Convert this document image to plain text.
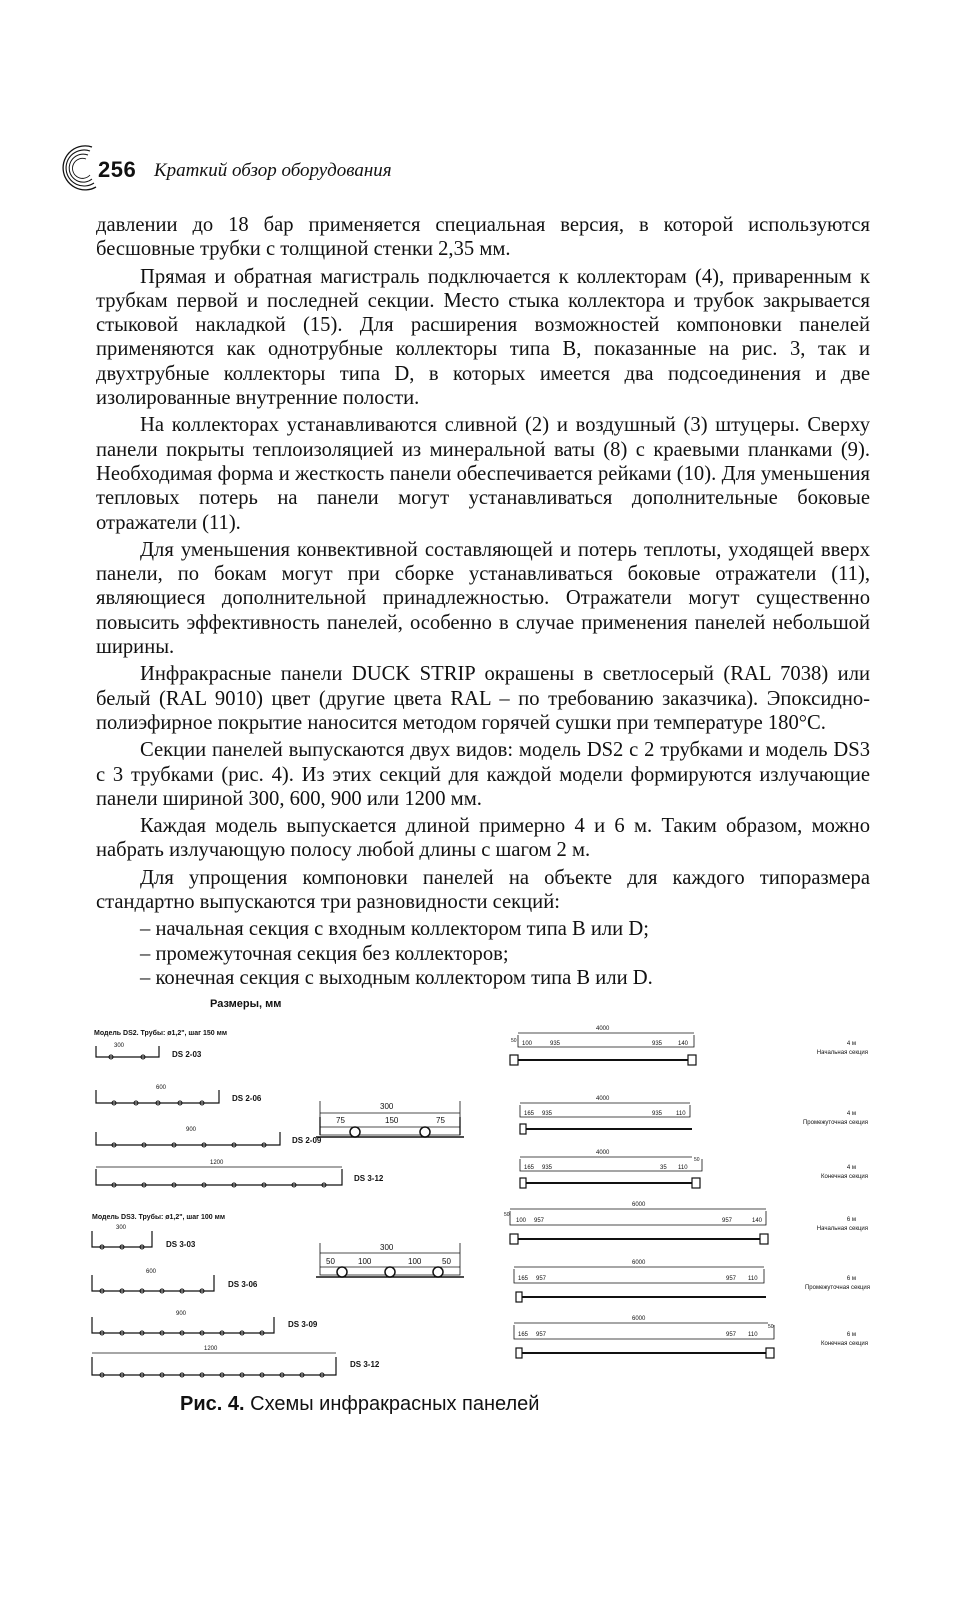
256 Краткий обзор оборудования

давлении до 18 бар применяется специальная версия, в которой используются бесшовные трубки с толщиной стенки 2,35 мм.

Прямая и обратная магистраль подключается к коллекторам (4), приваренным к трубкам первой и последней секции. Место стыка коллектора и трубок закрывается стыковой накладкой (15). Для расширения возможностей компоновки панелей применяются как однотрубные коллекторы типа B, показанные на рис. 3, так и двухтрубные коллекторы типа D, в которых имеется два подсоединения и две изолированные внутренние полости.

На коллекторах устанавливаются сливной (2) и воздушный (3) штуцеры. Сверху панели покрыты теплоизоляцией из минеральной ваты (8) с краевыми планками (9). Необходимая форма и жесткость панели обеспечивается рейками (10). Для уменьшения тепловых потерь на панели могут устанавливаться дополнительные боковые отражатели (11).

Для уменьшения конвективной составляющей и потерь теплоты, уходящей вверх панели, по бокам могут при сборке устанавливаться боковые отражатели (11), являющиеся дополнительной принадлежностью. Отражатели могут существенно повысить эффективность панелей, особенно в случае применения панелей небольшой ширины.

Инфракрасные панели DUCK STRIP окрашены в светлосерый (RAL 7038) или белый (RAL 9010) цвет (другие цвета RAL – по требованию заказчика). Эпоксидно-полиэфирное покрытие наносится методом горячей сушки при температуре 180°C.

Секции панелей выпускаются двух видов: модель DS2 с 2 трубками и модель DS3 с 3 трубками (рис. 4). Из этих секций для каждой модели формируются излучающие панели шириной 300, 600, 900 или 1200 мм.

Каждая модель выпускается длиной примерно 4 и 6 м. Таким образом, можно набрать излучающую полосу любой длины с шагом 2 м.

Для упрощения компоновки панелей на объекте для каждого типоразмера стандартно выпускаются три разновидности секций:

– начальная секция с входным коллектором типа B или D;
– промежуточная секция без коллекторов;
– конечная секция с выходным коллектором типа B или D.
Размеры, мм
Модель DS2. Трубы: ø1,2", шаг 150 мм
300
DS 2-03
600
DS 2-06
900
DS 2-09
1200
DS 3-12
300
75	150	75
Модель DS3. Трубы: ø1,2", шаг 100 мм
300
DS 3-03
600
DS 3-06
900
DS 3-09
1200
DS 3-12
300
50	100	100	50
4000
50 100	935	935	140	4 м
Начальная секция
4000
165 935	935 110	4 м
Промежуточная секция
4000
50
165 935	35 110	4 м
Конечная секция
6000
50
100 957	957	140	6 м
Начальная секция
6000
165 957	957 110	6 м
Промежуточная секция
6000
50
165 957	957 110	6 м
Конечная секция
Рис. 4. Схемы инфракрасных панелей
